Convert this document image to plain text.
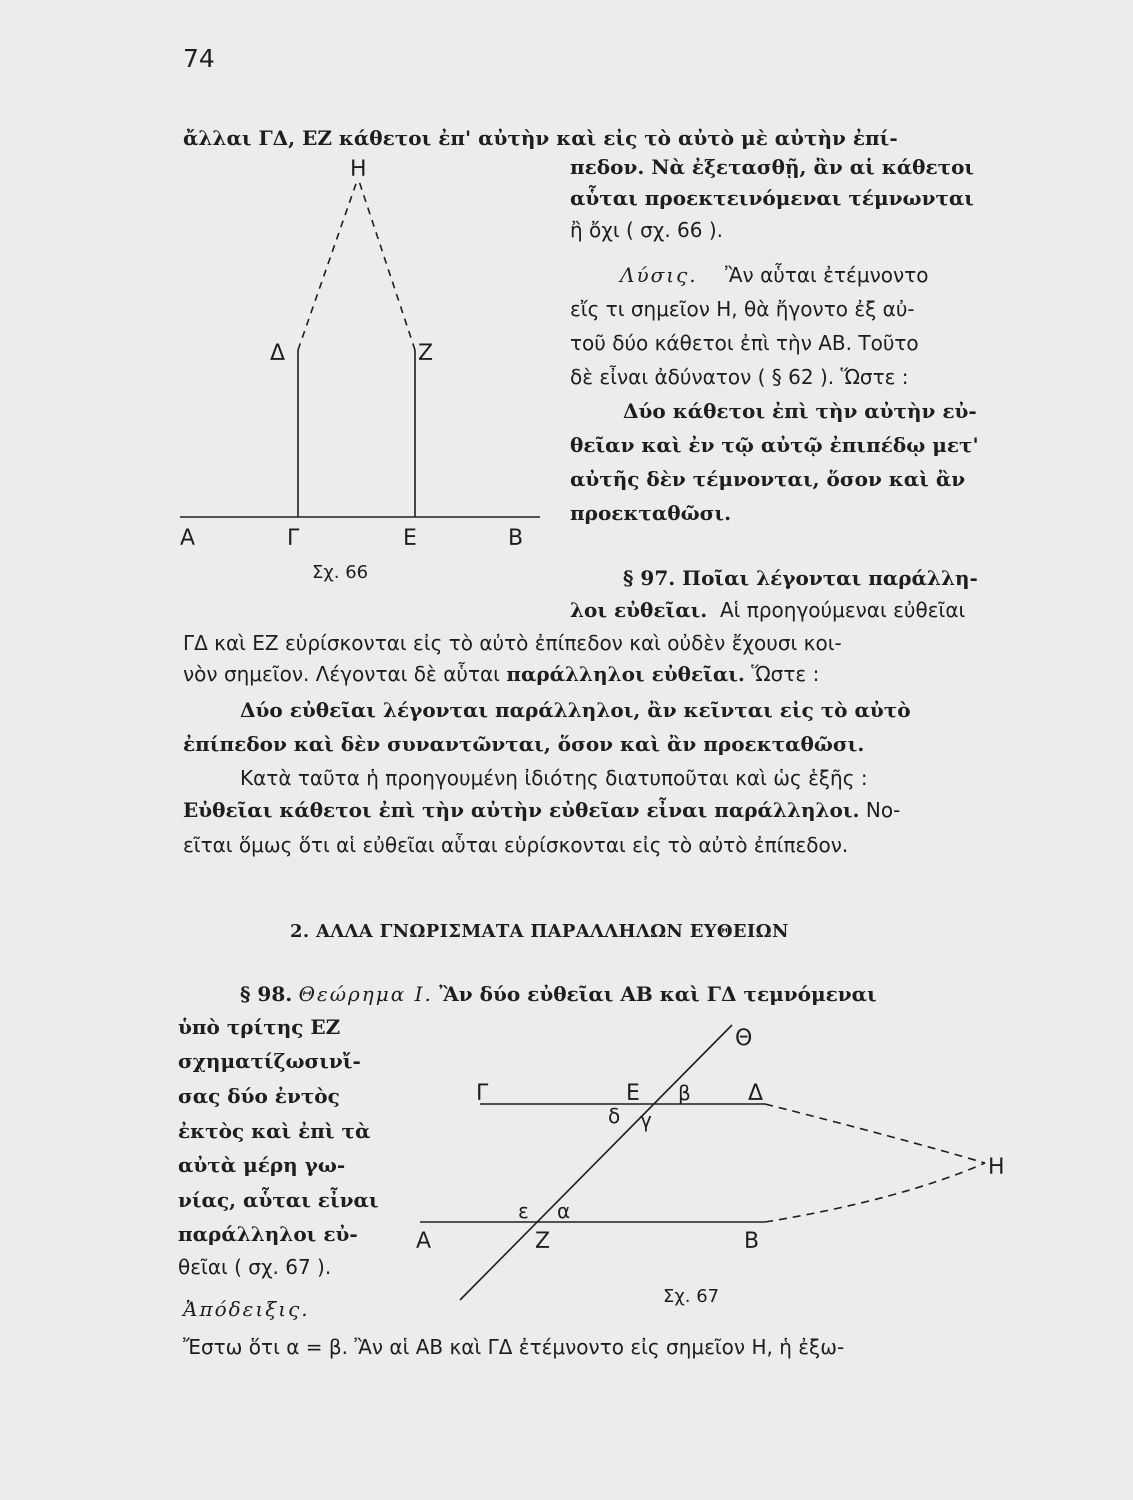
74
ἄλλαι ΓΔ, ΕΖ κάθετοι ἐπ' αὐτὴν καὶ εἰς τὸ αὐτὸ μὲ αὐτὴν ἐπί-
πεδον. Νὰ ἐξετασθῇ, ἂν αἱ κάθετοι
αὗται προεκτεινόμεναι τέμνωνται
ἢ ὄχι ( σχ. 66 ).
Λύσις. Ἂν αὗται ἐτέμνοντο
εἴς τι σημεῖον Η, θὰ ἤγοντο ἐξ αὐ-
τοῦ δύο κάθετοι ἐπὶ τὴν ΑΒ. Τοῦτο
δὲ εἶναι ἀδύνατον ( § 62 ). Ὥστε :
Δύο κάθετοι ἐπὶ τὴν αὐτὴν εὐ-
θεῖαν καὶ ἐν τῷ αὐτῷ ἐπιπέδῳ μετ'
αὐτῆς δὲν τέμνονται, ὅσον καὶ ἂν
προεκταθῶσι.
§ 97. Ποῖαι λέγονται παράλλη-
λοι εὐθεῖαι. Αἱ προηγούμεναι εὐθεῖαι
ΓΔ καὶ ΕΖ εὑρίσκονται εἰς τὸ αὐτὸ ἐπίπεδον καὶ οὐδὲν ἔχουσι κοι-
νὸν σημεῖον. Λέγονται δὲ αὗται παράλληλοι εὐθεῖαι. Ὥστε :
Δύο εὐθεῖαι λέγονται παράλληλοι, ἂν κεῖνται εἰς τὸ αὐτὸ
ἐπίπεδον καὶ δὲν συναντῶνται, ὅσον καὶ ἂν προεκταθῶσι.
Κατὰ ταῦτα ἡ προηγουμένη ἰδιότης διατυποῦται καὶ ὡς ἑξῆς :
Εὐθεῖαι κάθετοι ἐπὶ τὴν αὐτὴν εὐθεῖαν εἶναι παράλληλοι. Νο-
εῖται ὅμως ὅτι αἱ εὐθεῖαι αὗται εὑρίσκονται εἰς τὸ αὐτὸ ἐπίπεδον.
2. ΑΛΛΑ ΓΝΩΡΙΣΜΑΤΑ ΠΑΡΑΛΛΗΛΩΝ ΕΥΘΕΙΩΝ
§ 98. Θεώρημα Ι. Ἂν δύο εὐθεῖαι ΑΒ καὶ ΓΔ τεμνόμεναι
ὑπὸ τρίτης ΕΖ
σχηματίζωσινἴ-
σας δύο ἐντὸς
ἐκτὸς καὶ ἐπὶ τὰ
αὐτὰ μέρη γω-
νίας, αὗται εἶναι
παράλληλοι εὐ-
θεῖαι ( σχ. 67 ).
Ἀπόδειξις.
Ἔστω ὅτι α = β. Ἂν αἱ ΑΒ καὶ ΓΔ ἐτέμνοντο εἰς σημεῖον Η, ἡ ἐξω-
Η
Δ	Ζ
Α	Γ	Ε	Β
Σχ. 66
Θ
Γ	Ε β	Δ
δ γ
Η
ε α
Α	Ζ	Β
Σχ. 67
